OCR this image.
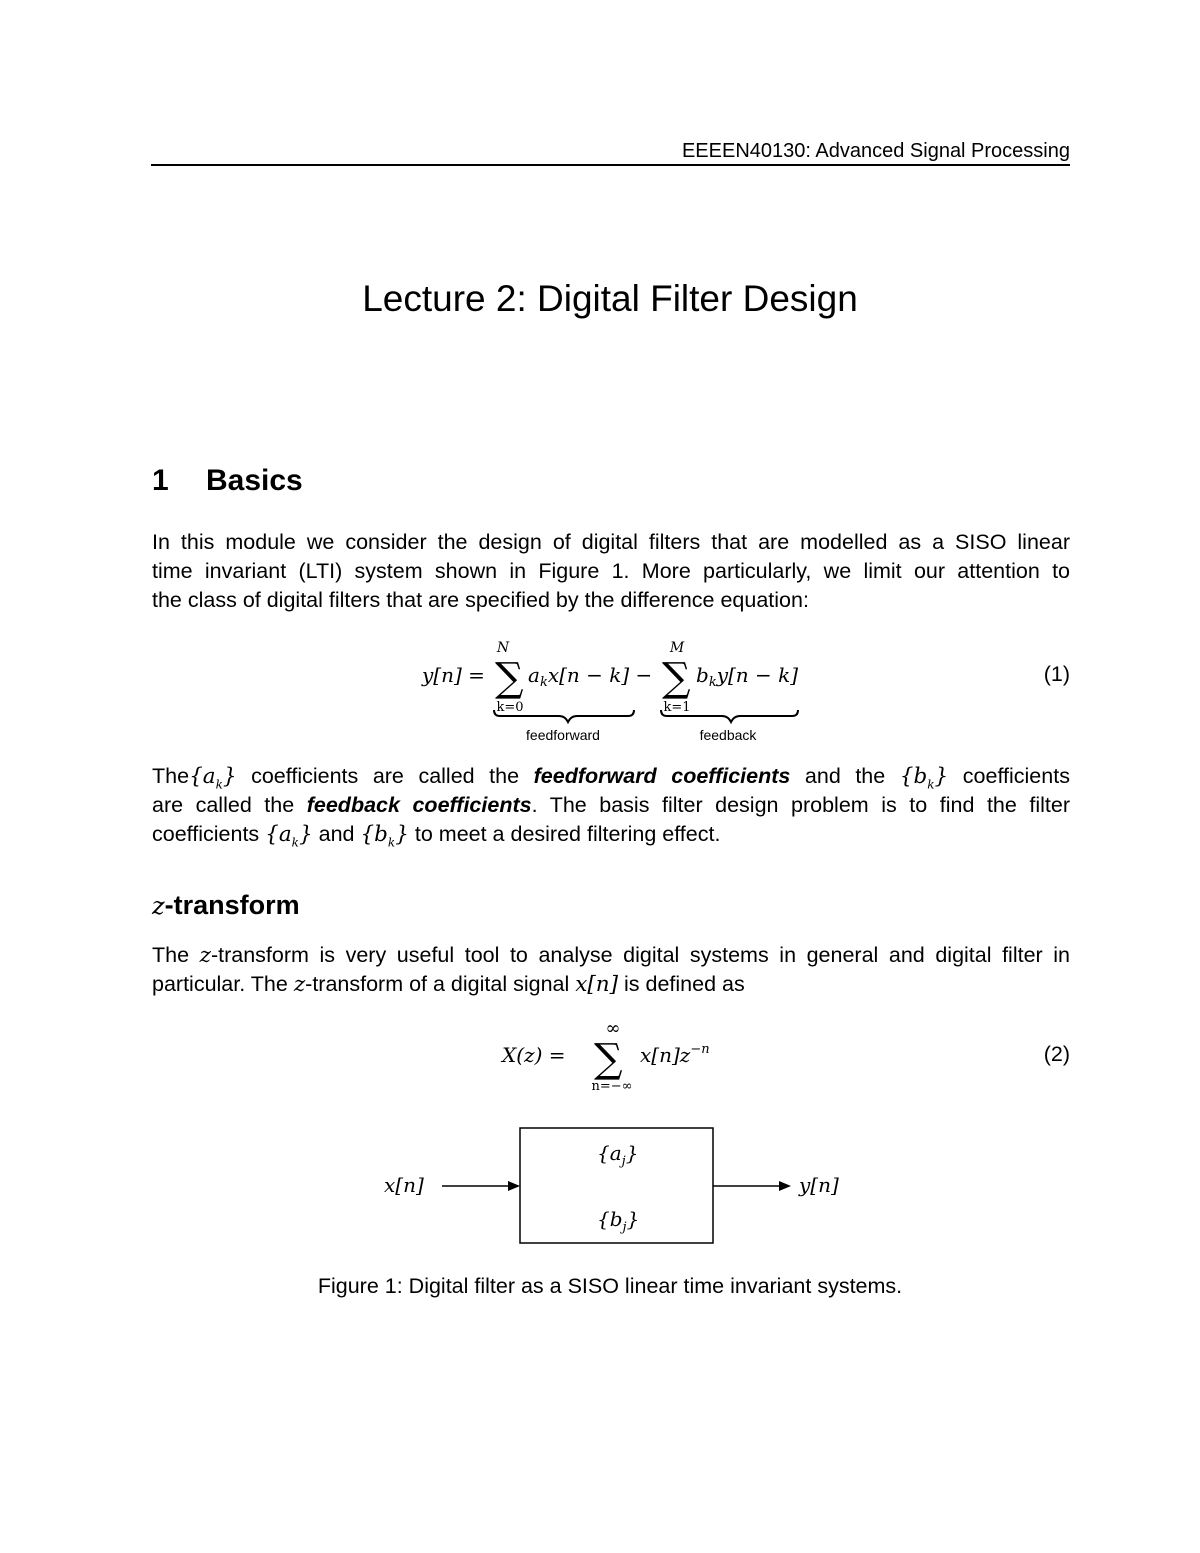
EEEEN40130: Advanced Signal Processing
Lecture 2: Digital Filter Design
1 Basics
In this module we consider the design of digital filters that are modelled as a SISO linear
time invariant (LTI) system shown in Figure 1. More particularly, we limit our attention to
the class of digital filters that are specified by the difference equation:
y[n] =
N
∑
k=0
$a_kx[n - k]$ −
M
∑
k=1
$b_ky[n - k]$
feedforward	feedback
(1)
$The\{a_k\}$ coefficients are called the feedforward coefficients and the $\{b_k\}$ coefficients
are called the feedback coefficients. The basis filter design problem is to find the filter
coefficients $\{a_k\}$ and $\{b_k\}$ to meet a desired filtering effect.
z-transform
The z-transform is very useful tool to analyse digital systems in general and digital filter in
particular. The z-transform of a digital signal x[n] is defined as
X(z) =
∞
∑
n=−∞
$x[n]z^{-n}$	(2)
x[n]	y[n]
$\{a_j\}$
$\{b_j\}$
Figure 1: Digital filter as a SISO linear time invariant systems.
